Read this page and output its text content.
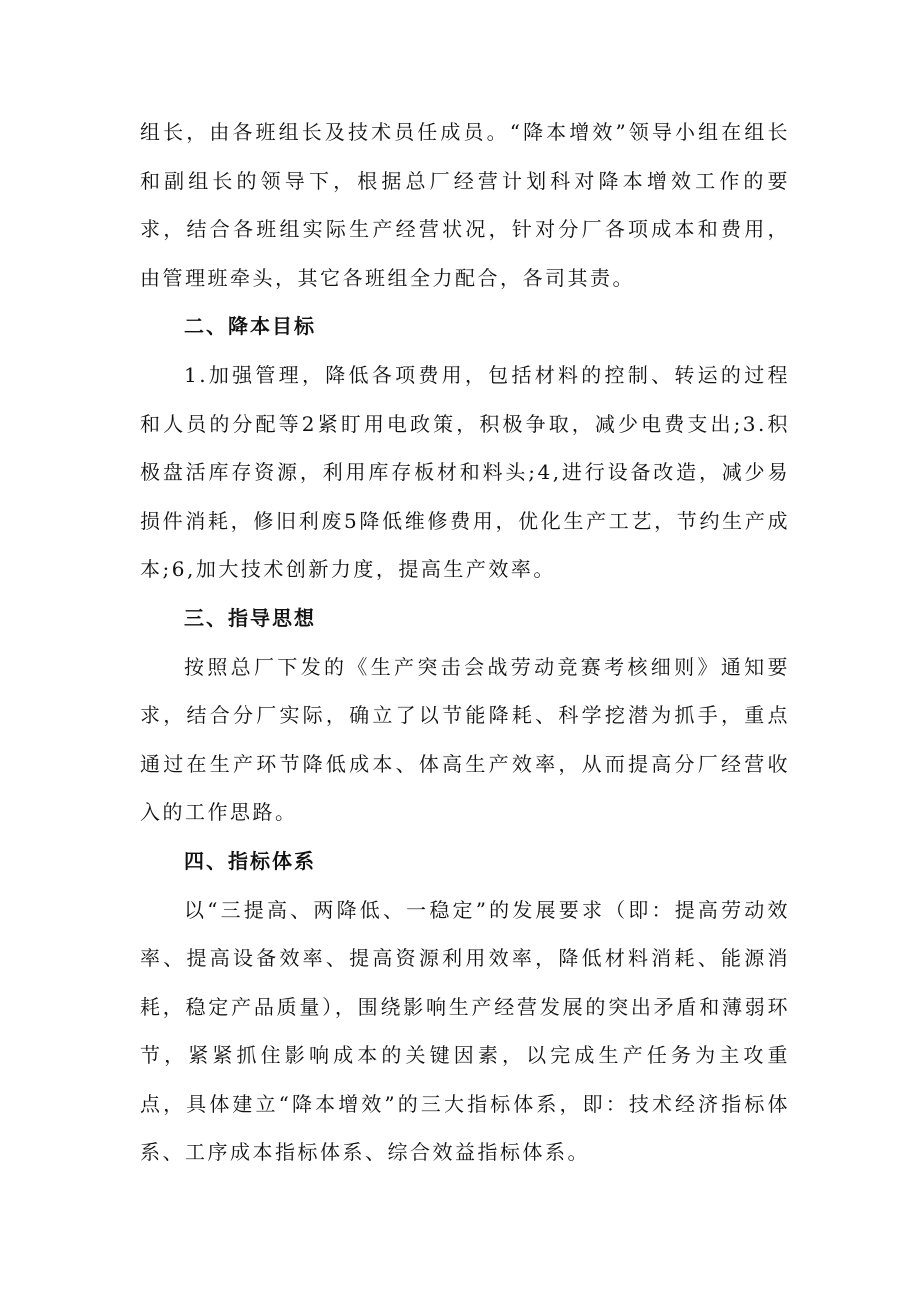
组长，由各班组长及技术员任成员。“降本增效”领导小组在组长和副组长的领导下，根据总厂经营计划科对降本增效工作的要求，结合各班组实际生产经营状况，针对分厂各项成本和费用，由管理班牵头，其它各班组全力配合，各司其责。

二、降本目标

1.加强管理，降低各项费用，包括材料的控制、转运的过程和人员的分配等2紧盯用电政策，积极争取，减少电费支出;3.积极盘活库存资源，利用库存板材和料头;4,进行设备改造，减少易损件消耗，修旧利废5降低维修费用，优化生产工艺，节约生产成本;6,加大技术创新力度，提高生产效率。

三、指导思想

按照总厂下发的《生产突击会战劳动竞赛考核细则》通知要求，结合分厂实际，确立了以节能降耗、科学挖潜为抓手，重点通过在生产环节降低成本、体高生产效率，从而提高分厂经营收入的工作思路。

四、指标体系

以“三提高、两降低、一稳定”的发展要求（即：提高劳动效率、提高设备效率、提高资源利用效率，降低材料消耗、能源消耗，稳定产品质量），围绕影响生产经营发展的突出矛盾和薄弱环节，紧紧抓住影响成本的关键因素，以完成生产任务为主攻重点，具体建立“降本增效”的三大指标体系，即：技术经济指标体系、工序成本指标体系、综合效益指标体系。
